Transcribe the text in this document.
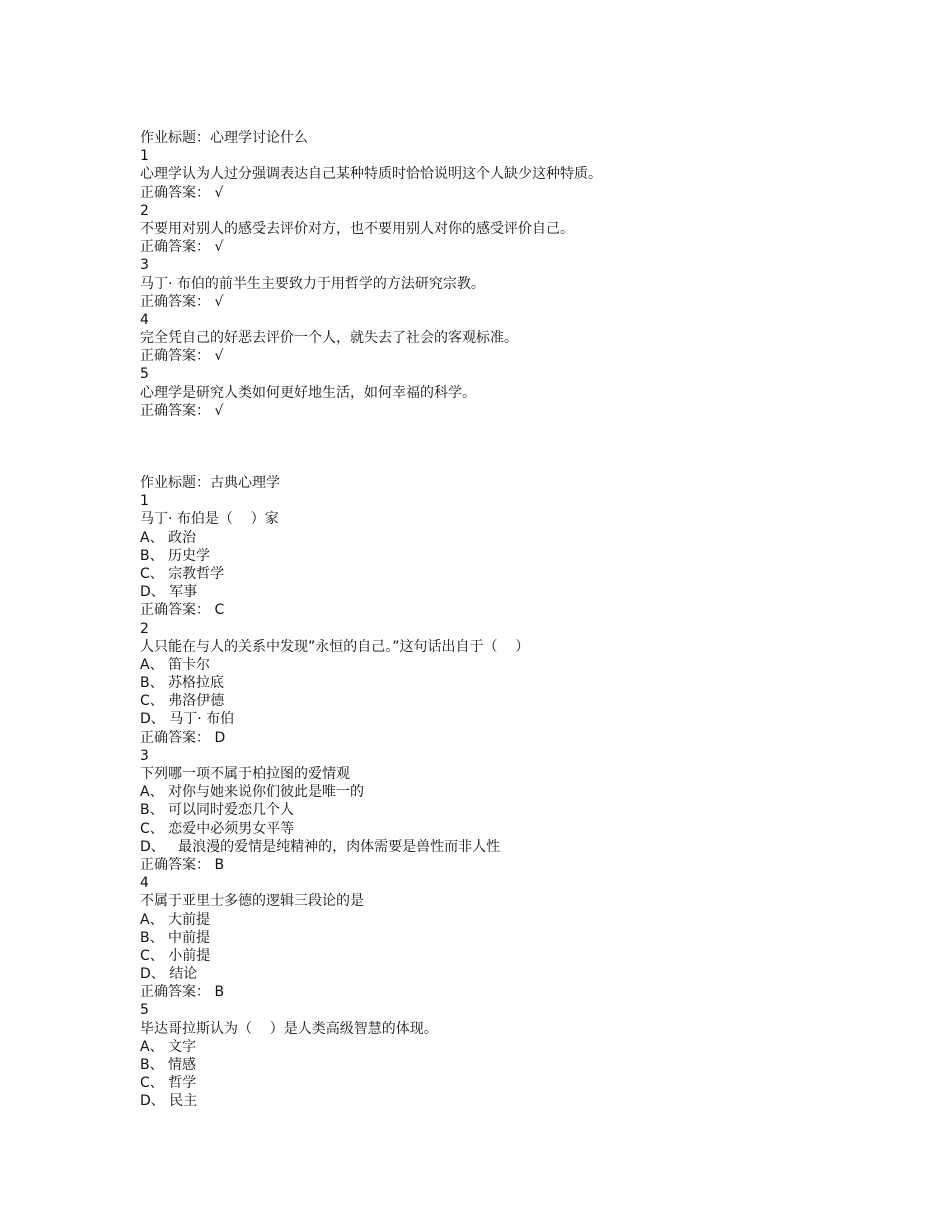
作业标题：心理学讨论什么
1
心理学认为人过分强调表达自己某种特质时恰恰说明这个人缺少这种特质。
正确答案： √
2
不要用对别人的感受去评价对方，也不要用别人对你的感受评价自己。
正确答案： √
3
马丁· 布伯的前半生主要致力于用哲学的方法研究宗教。
正确答案： √
4
完全凭自己的好恶去评价一个人，就失去了社会的客观标准。
正确答案： √
5
心理学是研究人类如何更好地生活，如何幸福的科学。
正确答案： √
作业标题：古典心理学
1
马丁· 布伯是（    ）家
A、 政治
B、 历史学
C、 宗教哲学
D、 军事
正确答案： C
2
人只能在与人的关系中发现”永恒的自己。”这句话出自于（    ）
A、 笛卡尔
B、 苏格拉底
C、 弗洛伊德
D、 马丁· 布伯
正确答案： D
3
下列哪一项不属于柏拉图的爱情观
A、 对你与她来说你们彼此是唯一的
B、 可以同时爱恋几个人
C、 恋爱中必须男女平等
D、   最浪漫的爱情是纯精神的，肉体需要是兽性而非人性
正确答案： B
4
不属于亚里士多德的逻辑三段论的是
A、 大前提
B、 中前提
C、 小前提
D、 结论
正确答案： B
5
毕达哥拉斯认为（    ）是人类高级智慧的体现。
A、 文字
B、 情感
C、 哲学
D、 民主
